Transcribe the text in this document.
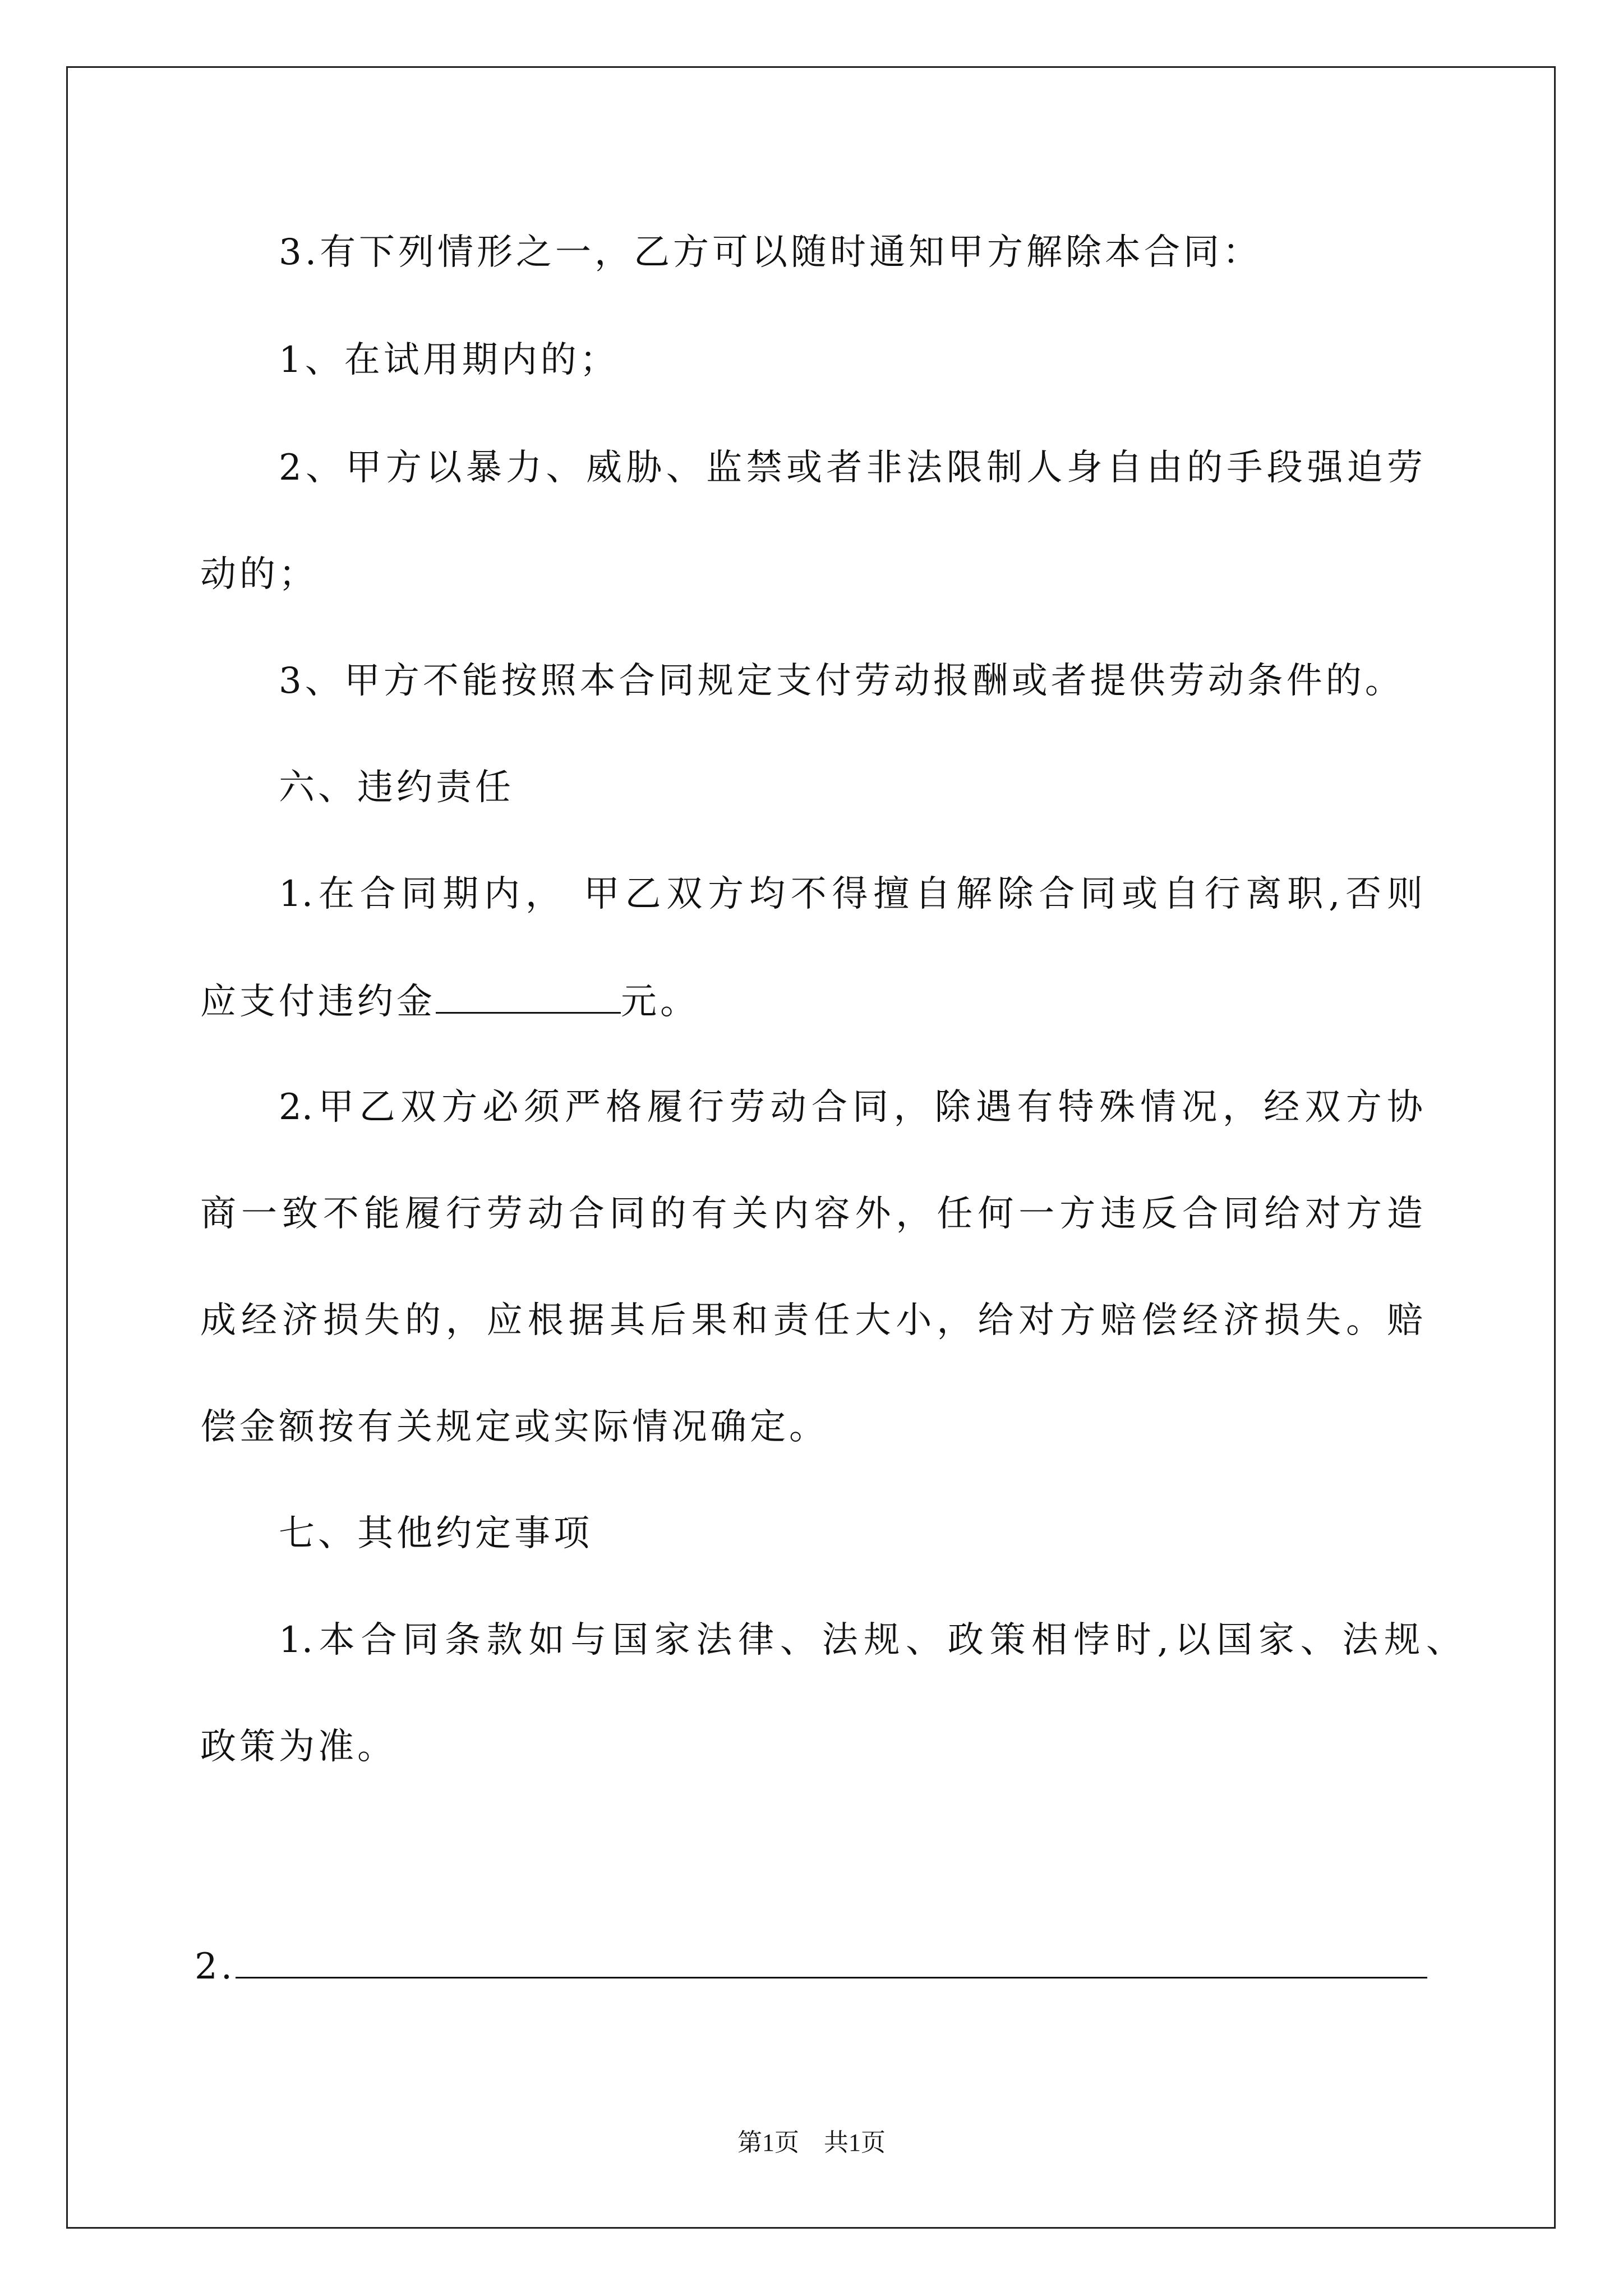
3.有下列情形之一，乙方可以随时通知甲方解除本合同：
1、在试用期内的；
2、甲方以暴力、威胁、监禁或者非法限制人身自由的手段强迫劳
动的；
3、甲方不能按照本合同规定支付劳动报酬或者提供劳动条件的。
六、违约责任
1.在合同期内， 甲乙双方均不得擅自解除合同或自行离职,否则
应支付违约金	元。
2.甲乙双方必须严格履行劳动合同，除遇有特殊情况，经双方协
商一致不能履行劳动合同的有关内容外，任何一方违反合同给对方造
成经济损失的，应根据其后果和责任大小，给对方赔偿经济损失。赔
偿金额按有关规定或实际情况确定。
七、其他约定事项
1.本合同条款如与国家法律、法规、政策相悖时,以国家、法规、
政策为准。
2.
第1页 共1页
